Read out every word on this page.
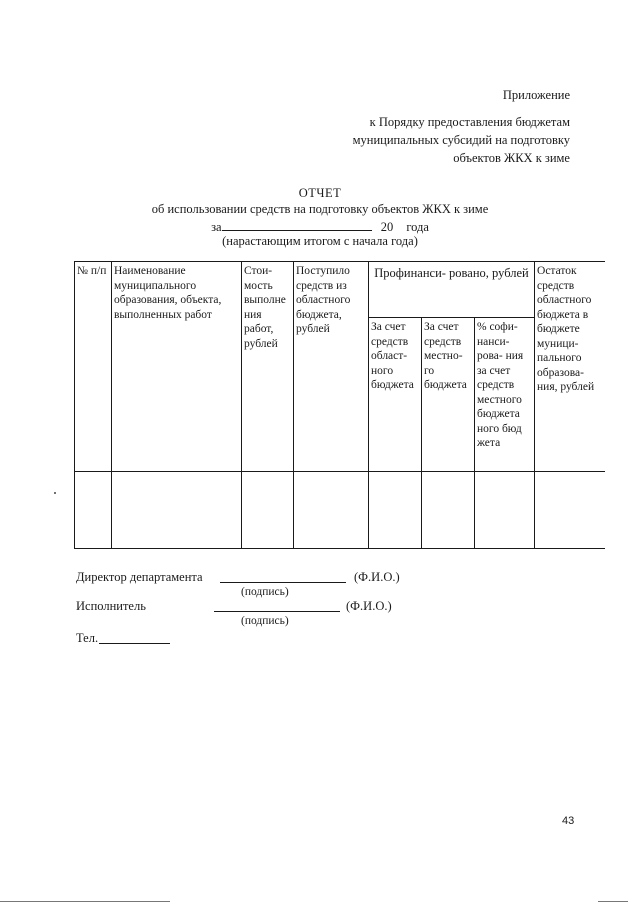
Приложение
к Порядку предоставления бюджетам
муниципальных субсидий на подготовку
объектов ЖКХ к зиме
ОТЧЕТ
об использовании средств на подготовку объектов ЖКХ к зиме
за	20 года
(нарастающим итогом с начала года)
№ п/п	Наименование муниципального образования, объекта, выполненных работ	Стои- мость выполне ния работ, рублей	Поступило средств из областного бюджета, рублей	Профинанси- ровано, рублей			Остаток средств областного бюджета в бюджете муници- пального образова- ния, рублей
				За счет средств област- ного бюджета	За счет средств местно- го бюджета	% софи- нанси- рова- ния за счет средств местного бюджета ного бюд жета	

Директор департамента	(Ф.И.О.)
(подпись)
Исполнитель	(Ф.И.О.)
(подпись)
Тел.
43
